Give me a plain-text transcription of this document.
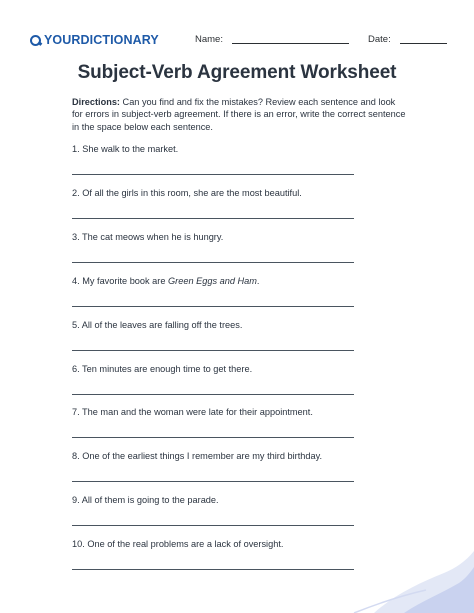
YOURDICTIONARY	Name:	Date:
Subject-Verb Agreement Worksheet
Directions: Can you find and fix the mistakes? Review each sentence and look for errors in subject-verb agreement. If there is an error, write the correct sentence in the space below each sentence.
1. She walk to the market.
2. Of all the girls in this room, she are the most beautiful.
3. The cat meows when he is hungry.
4. My favorite book are Green Eggs and Ham.
5. All of the leaves are falling off the trees.
6. Ten minutes are enough time to get there.
7. The man and the woman were late for their appointment.
8. One of the earliest things I remember are my third birthday.
9. All of them is going to the parade.
10. One of the real problems are a lack of oversight.
